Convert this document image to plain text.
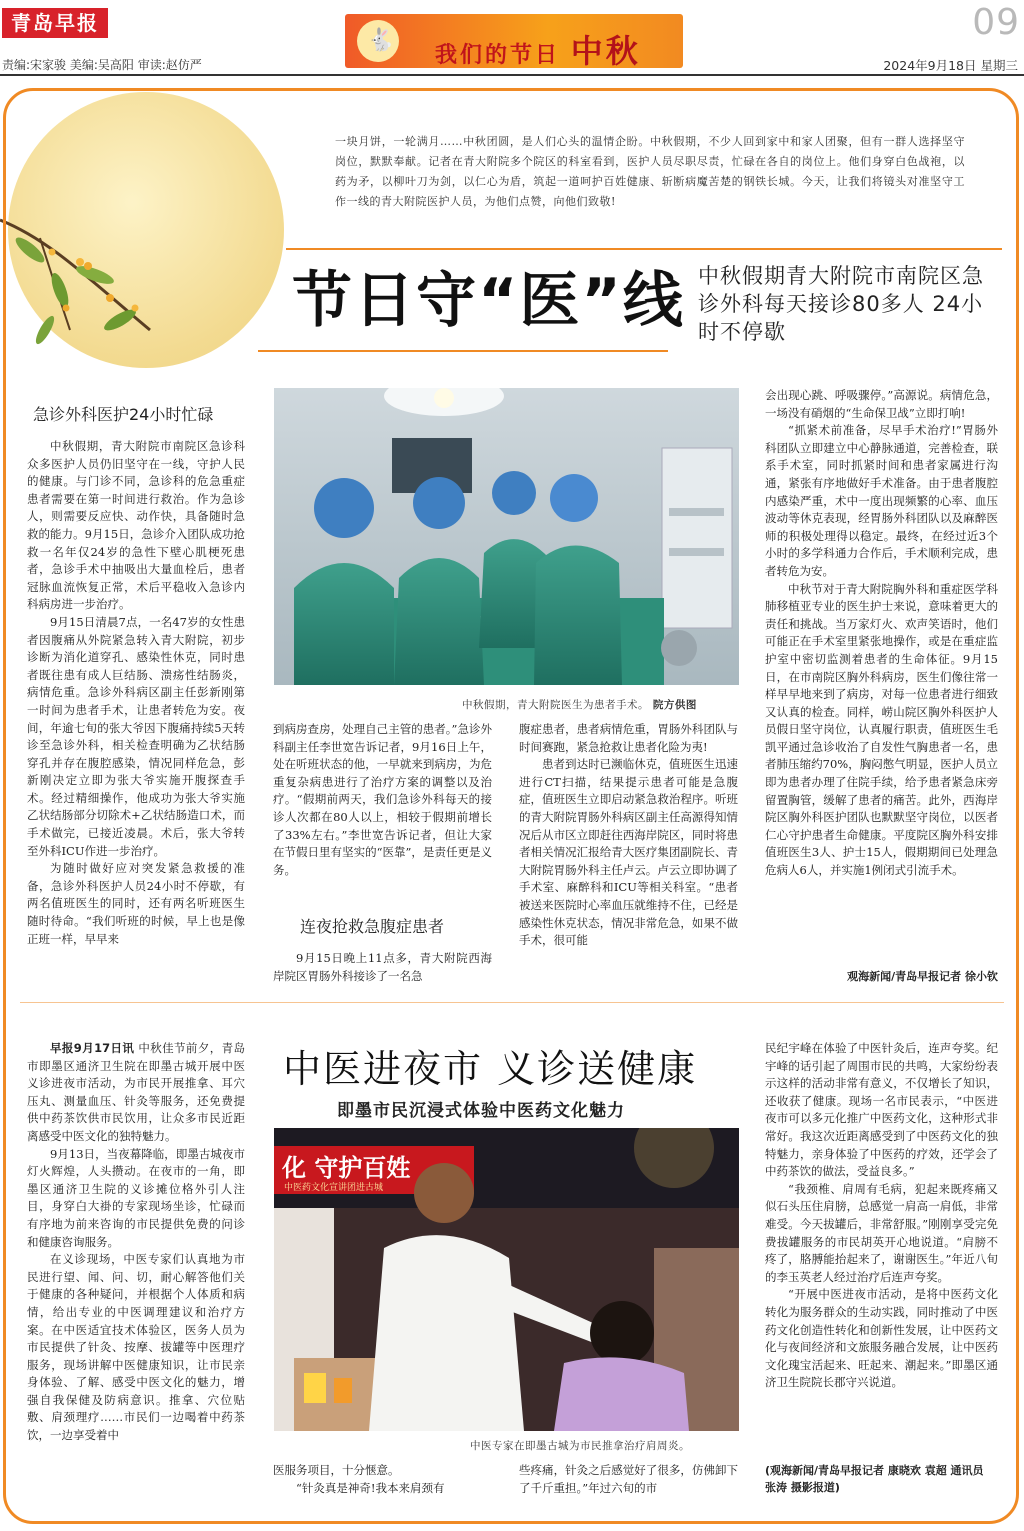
青岛早报
🐇
我们的节日 中秋
09
责编:宋家骏 美编:吴高阳 审读:赵仿严	2024年9月18日 星期三
一块月饼，一轮满月……中秋团圆，是人们心头的温情企盼。中秋假期，不少人回到家中和家人团聚，但有一群人选择坚守岗位，默默奉献。记者在青大附院多个院区的科室看到，医护人员尽职尽责，忙碌在各自的岗位上。他们身穿白色战袍，以药为矛，以柳叶刀为剑，以仁心为盾，筑起一道呵护百姓健康、斩断病魔苦楚的钢铁长城。今天，让我们将镜头对准坚守工作一线的青大附院医护人员，为他们点赞，向他们致敬!
节日守“医”线 中秋假期青大附院市南院区急诊外科每天接诊80多人 24小时不停歇
急诊外科医护24小时忙碌

中秋假期，青大附院市南院区急诊科众多医护人员仍旧坚守在一线，守护人民的健康。与门诊不同，急诊科的危急重症患者需要在第一时间进行救治。作为急诊人，则需要反应快、动作快，具备随时急救的能力。9月15日，急诊介入团队成功抢救一名年仅24岁的急性下壁心肌梗死患者，急诊手术中抽吸出大量血栓后，患者冠脉血流恢复正常，术后平稳收入急诊内科病房进一步治疗。

9月15日清晨7点，一名47岁的女性患者因腹痛从外院紧急转入青大附院，初步诊断为消化道穿孔、感染性休克，同时患者既往患有成人巨结肠、溃疡性结肠炎，病情危重。急诊外科病区副主任彭新刚第一时间为患者手术，让患者转危为安。夜间，年逾七旬的张大爷因下腹痛持续5天转诊至急诊外科，相关检查明确为乙状结肠穿孔并存在腹腔感染，情况同样危急，彭新刚决定立即为张大爷实施开腹探查手术。经过精细操作，他成功为张大爷实施乙状结肠部分切除术+乙状结肠造口术，而手术做完，已接近凌晨。术后，张大爷转至外科ICU作进一步治疗。

为随时做好应对突发紧急救援的准备，急诊外科医护人员24小时不停歇，有两名值班医生的同时，还有两名听班医生随时待命。“我们听班的时候，早上也是像正班一样，早早来

中秋假期，青大附院医生为患者手术。 院方供图

到病房查房，处理自己主管的患者。”急诊外科副主任李世宽告诉记者，9月16日上午，处在听班状态的他，一早就来到病房，为危重复杂病患进行了治疗方案的调整以及治疗。“假期前两天，我们急诊外科每天的接诊人次都在80人以上，相较于假期前增长了33%左右。”李世宽告诉记者，但让大家在节假日里有坚实的“医靠”，是责任更是义务。

连夜抢救急腹症患者

9月15日晚上11点多，青大附院西海岸院区胃肠外科接诊了一名急

腹症患者，患者病情危重，胃肠外科团队与时间赛跑，紧急抢救让患者化险为夷!

患者到达时已濒临休克，值班医生迅速进行CT扫描，结果提示患者可能是急腹症，值班医生立即启动紧急救治程序。听班的青大附院胃肠外科病区副主任高源得知情况后从市区立即赶往西海岸院区，同时将患者相关情况汇报给青大医疗集团副院长、青大附院胃肠外科主任卢云。卢云立即协调了手术室、麻醉科和ICU等相关科室。“患者被送来医院时心率血压就维持不住，已经是感染性休克状态，情况非常危急，如果不做手术，很可能

会出现心跳、呼吸骤停。”高源说。病情危急，一场没有硝烟的“生命保卫战”立即打响!

“抓紧术前准备，尽早手术治疗!”胃肠外科团队立即建立中心静脉通道，完善检查，联系手术室，同时抓紧时间和患者家属进行沟通，紧张有序地做好手术准备。由于患者腹腔内感染严重，术中一度出现频繁的心率、血压波动等休克表现，经胃肠外科团队以及麻醉医师的积极处理得以稳定。最终，在经过近3个小时的多学科通力合作后，手术顺利完成，患者转危为安。

中秋节对于青大附院胸外科和重症医学科肺移植亚专业的医生护士来说，意味着更大的责任和挑战。当万家灯火、欢声笑语时，他们可能正在手术室里紧张地操作，或是在重症监护室中密切监测着患者的生命体征。9月15日，在市南院区胸外科病房，医生们像往常一样早早地来到了病房，对每一位患者进行细致又认真的检查。同样，崂山院区胸外科医护人员假日坚守岗位，认真履行职责，值班医生毛凯平通过急诊收治了自发性气胸患者一名，患者肺压缩约70%，胸闷憋气明显，医护人员立即为患者办理了住院手续，给予患者紧急床旁留置胸管，缓解了患者的痛苦。此外，西海岸院区胸外科医护团队也默默坚守岗位，以医者仁心守护患者生命健康。平度院区胸外科安排值班医生3人、护士15人，假期期间已处理急危病人6人，并实施1例闭式引流手术。

观海新闻/青岛早报记者 徐小钦

早报9月17日讯 中秋佳节前夕，青岛市即墨区通济卫生院在即墨古城开展中医义诊进夜市活动，为市民开展推拿、耳穴压丸、测量血压、针灸等服务，还免费提供中药茶饮供市民饮用，让众多市民近距离感受中医文化的独特魅力。

9月13日，当夜幕降临，即墨古城夜市灯火辉煌，人头攒动。在夜市的一角，即墨区通济卫生院的义诊摊位格外引人注目，身穿白大褂的专家现场坐诊，忙碌而有序地为前来咨询的市民提供免费的问诊和健康咨询服务。

在义诊现场，中医专家们认真地为市民进行望、闻、问、切，耐心解答他们关于健康的各种疑问，并根据个人体质和病情，给出专业的中医调理建议和治疗方案。在中医适宜技术体验区，医务人员为市民提供了针灸、按摩、拔罐等中医理疗服务，现场讲解中医健康知识，让市民亲身体验、了解、感受中医文化的魅力，增强自我保健及防病意识。推拿、穴位贴敷、肩颈理疗……市民们一边喝着中药茶饮，一边享受着中

中医进夜市 义诊送健康
即墨市民沉浸式体验中医药文化魅力
化 守护百姓
中医药文化宣讲团进古城
中医专家在即墨古城为市民推拿治疗肩周炎。

医服务项目，十分惬意。

“针灸真是神奇!我本来肩颈有

些疼痛，针灸之后感觉好了很多，仿佛卸下了千斤重担。”年过六旬的市

民纪宇峰在体验了中医针灸后，连声夸奖。纪宇峰的话引起了周围市民的共鸣，大家纷纷表示这样的活动非常有意义，不仅增长了知识，还收获了健康。现场一名市民表示，“中医进夜市可以多元化推广中医药文化，这种形式非常好。我这次近距离感受到了中医药文化的独特魅力，亲身体验了中医药的疗效，还学会了中药茶饮的做法，受益良多。”

“我颈椎、肩周有毛病，犯起来既疼痛又似石头压住肩膀，总感觉一肩高一肩低，非常难受。今天拔罐后，非常舒服。”刚刚享受完免费拔罐服务的市民胡英开心地说道。“肩膀不疼了，胳膊能抬起来了，谢谢医生。”年近八旬的李玉英老人经过治疗后连声夸奖。

“开展中医进夜市活动，是将中医药文化转化为服务群众的生动实践，同时推动了中医药文化创造性转化和创新性发展，让中医药文化与夜间经济和文旅服务融合发展，让中医药文化瑰宝活起来、旺起来、潮起来。”即墨区通济卫生院院长郡守兴说道。

(观海新闻/青岛早报记者 康晓欢 袁超 通讯员 张涛 摄影报道)
